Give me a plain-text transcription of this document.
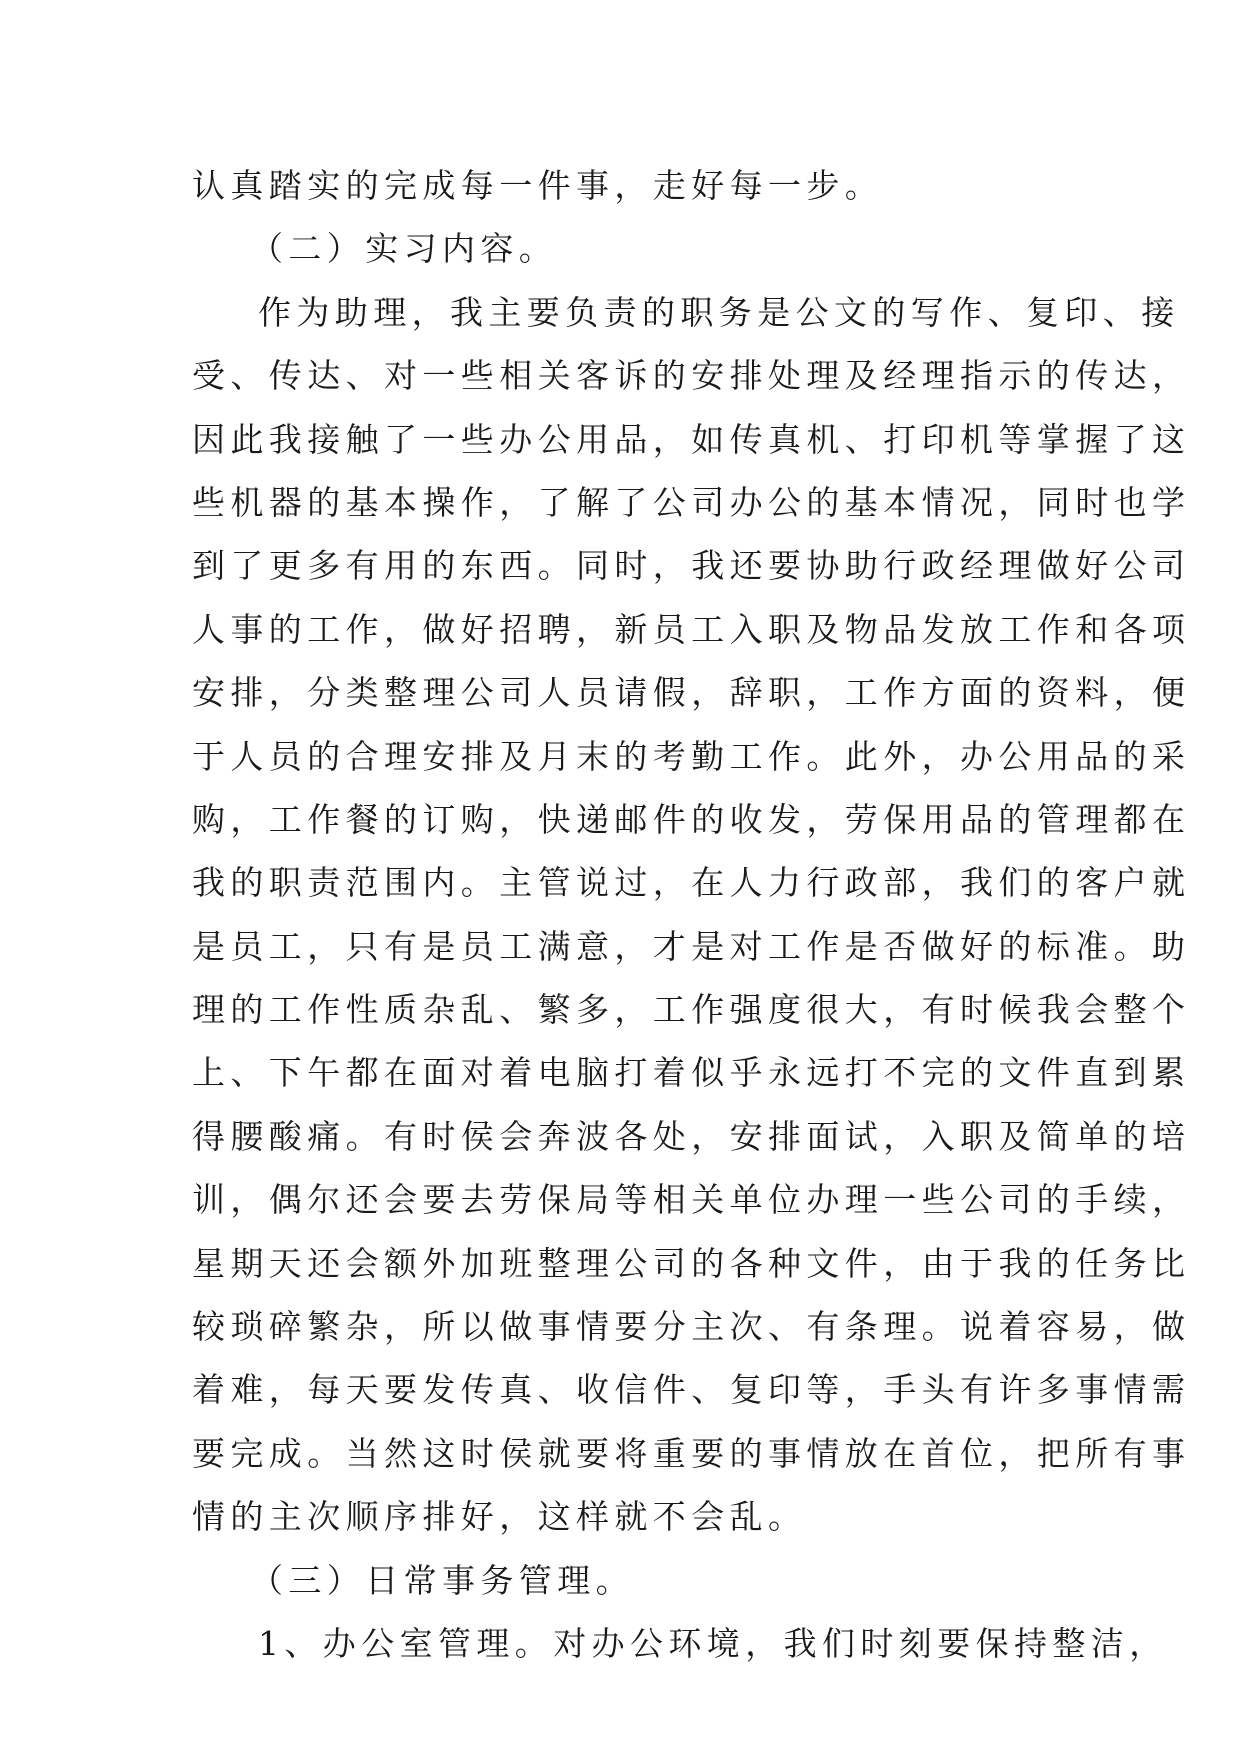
认真踏实的完成每一件事，走好每一步。
（二）实习内容。
作为助理，我主要负责的职务是公文的写作、复印、接
受、传达、对一些相关客诉的安排处理及经理指示的传达，
因此我接触了一些办公用品，如传真机、打印机等掌握了这
些机器的基本操作，了解了公司办公的基本情况，同时也学
到了更多有用的东西。同时，我还要协助行政经理做好公司
人事的工作，做好招聘，新员工入职及物品发放工作和各项
安排，分类整理公司人员请假，辞职，工作方面的资料，便
于人员的合理安排及月末的考勤工作。此外，办公用品的采
购，工作餐的订购，快递邮件的收发，劳保用品的管理都在
我的职责范围内。主管说过，在人力行政部，我们的客户就
是员工，只有是员工满意，才是对工作是否做好的标准。助
理的工作性质杂乱、繁多，工作强度很大，有时候我会整个
上、下午都在面对着电脑打着似乎永远打不完的文件直到累
得腰酸痛。有时侯会奔波各处，安排面试，入职及简单的培
训，偶尔还会要去劳保局等相关单位办理一些公司的手续，
星期天还会额外加班整理公司的各种文件，由于我的任务比
较琐碎繁杂，所以做事情要分主次、有条理。说着容易，做
着难，每天要发传真、收信件、复印等，手头有许多事情需
要完成。当然这时侯就要将重要的事情放在首位，把所有事
情的主次顺序排好，这样就不会乱。
（三）日常事务管理。
1、办公室管理。对办公环境，我们时刻要保持整洁，
